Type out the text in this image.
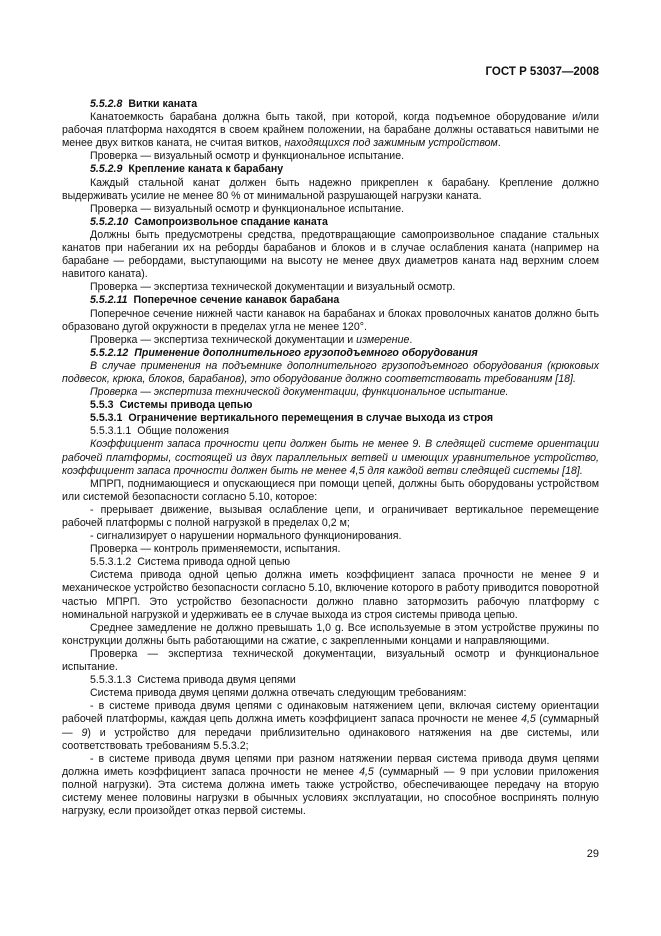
ГОСТ Р 53037—2008

5.5.2.8 Витки каната

Канатоемкость барабана должна быть такой, при которой, когда подъемное оборудование и/или рабочая платформа находятся в своем крайнем положении, на барабане должны оставаться навитыми не менее двух витков каната, не считая витков, находящихся под зажимным устройством.

Проверка — визуальный осмотр и функциональное испытание.

5.5.2.9 Крепление каната к барабану

Каждый стальной канат должен быть надежно прикреплен к барабану. Крепление должно выдерживать усилие не менее 80 % от минимальной разрушающей нагрузки каната.

Проверка — визуальный осмотр и функциональное испытание.

5.5.2.10 Самопроизвольное спадание каната

Должны быть предусмотрены средства, предотвращающие самопроизвольное спадание стальных канатов при набегании их на реборды барабанов и блоков и в случае ослабления каната (например на барабане — ребордами, выступающими на высоту не менее двух диаметров каната над верхним слоем навитого каната).

Проверка — экспертиза технической документации и визуальный осмотр.

5.5.2.11 Поперечное сечение канавок барабана

Поперечное сечение нижней части канавок на барабанах и блоках проволочных канатов должно быть образовано дугой окружности в пределах угла не менее 120°.

Проверка — экспертиза технической документации и измерение.

5.5.2.12 Применение дополнительного грузоподъемного оборудования

В случае применения на подъемнике дополнительного грузоподъемного оборудования (крюковых подвесок, крюка, блоков, барабанов), это оборудование должно соответствовать требованиям [18].

Проверка — экспертиза технической документации, функциональное испытание.

5.5.3 Системы привода цепью

5.5.3.1 Ограничение вертикального перемещения в случае выхода из строя

5.5.3.1.1 Общие положения

Коэффициент запаса прочности цепи должен быть не менее 9. В следящей системе ориентации рабочей платформы, состоящей из двух параллельных ветвей и имеющих уравнительное устройство, коэффициент запаса прочности должен быть не менее 4,5 для каждой ветви следящей системы [18].

МПРП, поднимающиеся и опускающиеся при помощи цепей, должны быть оборудованы устройством или системой безопасности согласно 5.10, которое:

- прерывает движение, вызывая ослабление цепи, и ограничивает вертикальное перемещение рабочей платформы с полной нагрузкой в пределах 0,2 м;

- сигнализирует о нарушении нормального функционирования.

Проверка — контроль применяемости, испытания.

5.5.3.1.2 Система привода одной цепью

Система привода одной цепью должна иметь коэффициент запаса прочности не менее 9 и механическое устройство безопасности согласно 5.10, включение которого в работу приводится поворотной частью МПРП. Это устройство безопасности должно плавно затормозить рабочую платформу с номинальной нагрузкой и удерживать ее в случае выхода из строя системы привода цепью.

Среднее замедление не должно превышать 1,0 g. Все используемые в этом устройстве пружины по конструкции должны быть работающими на сжатие, с закрепленными концами и направляющими.

Проверка — экспертиза технической документации, визуальный осмотр и функциональное испытание.

5.5.3.1.3 Система привода двумя цепями

Система привода двумя цепями должна отвечать следующим требованиям:

- в системе привода двумя цепями с одинаковым натяжением цепи, включая систему ориентации рабочей платформы, каждая цепь должна иметь коэффициент запаса прочности не менее 4,5 (суммарный — 9) и устройство для передачи приблизительно одинакового натяжения на две системы, или соответствовать требованиям 5.5.3.2;

- в системе привода двумя цепями при разном натяжении первая система привода двумя цепями должна иметь коэффициент запаса прочности не менее 4,5 (суммарный — 9 при условии приложения полной нагрузки). Эта система должна иметь также устройство, обеспечивающее передачу на вторую систему менее половины нагрузки в обычных условиях эксплуатации, но способное воспринять полную нагрузку, если произойдет отказ первой системы.

29
